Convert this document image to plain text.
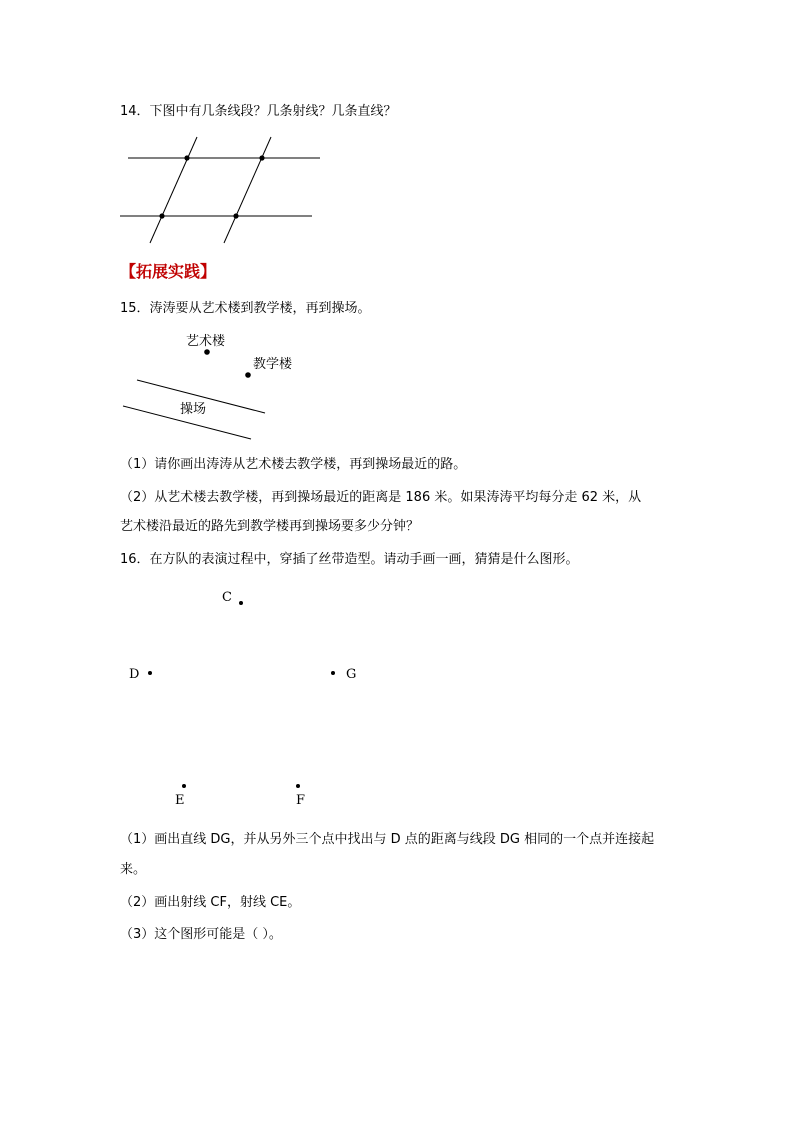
14．下图中有几条线段？几条射线？几条直线？
艺术楼
教学楼
操场
C
D	G
E	F
【拓展实践】
15．涛涛要从艺术楼到教学楼，再到操场。
（1）请你画出涛涛从艺术楼去教学楼，再到操场最近的路。
（2）从艺术楼去教学楼，再到操场最近的距离是 186 米。如果涛涛平均每分走 62 米，从
艺术楼沿最近的路先到教学楼再到操场要多少分钟？
16．在方队的表演过程中，穿插了丝带造型。请动手画一画，猜猜是什么图形。
（1）画出直线 DG，并从另外三个点中找出与 D 点的距离与线段 DG 相同的一个点并连接起
来。
（2）画出射线 CF，射线 CE。
（3）这个图形可能是（ ）。
